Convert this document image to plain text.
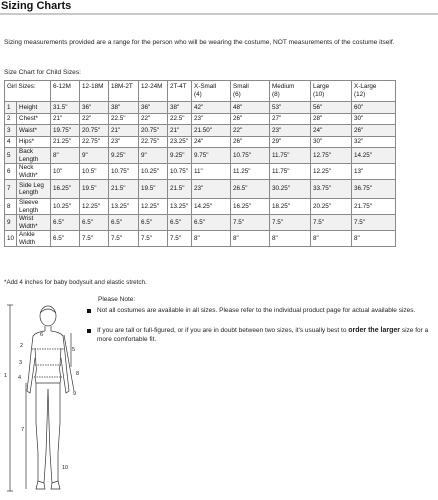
Sizing Charts
Sizing measurements provided are a range for the person who will be wearing the costume, NOT measurements of the costume itself.
Size Chart for Child Sizes:
Girl Sizes:		6-12M	12-18M	18M-2T	12-24M	2T-4T	X-Small
(4)	Small
(6)	Medium
(8)	Large
(10)	X-Large
(12)
1	Height	31.5"	36"	38"	36"	38"	42"	48"	53"	56"	60"
2	Chest*	21"	22"	22.5"	22"	22.5"	23"	26"	27"	28"	30"
3	Waist*	19.75"	20.75"	21"	20.75"	21"	21.50"	22"	23"	24"	26"
4	Hips*	21.25"	22.75"	23"	22.75"	23.25"	24"	26"	29"	30"	32"
5	Back Length	8"	9"	9.25"	9"	9.25"	9.75"	10.75"	11.75"	12.75"	14.25"
6	Neck Width*	10"	10.5"	10.75"	10.25"	10.75"	11"	11.25"	11.75"	12.25"	13"
7	Side Leg
Length	16.25"	19.5"	21.5"	19.5"	21.5"	23"	26.5"	30.25"	33.75"	36.75"
8	Sleeve Length	10.25"	12.25"	13.25"	12.25"	13.25"	14.25"	16.25"	18.25"	20.25"	21.75"
9	Wrist Width*	6.5"	6.5"	6.5"	6.5"	6.5"	6.5"	7.5"	7.5"	7.5"	7.5"
10	Ankle Width	6.5"	7.5"	7.5"	7.5"	7.5"	8"	8"	8"	8"	8"
*Add 4 inches for baby bodysuit and elastic stretch.
1
2
3
4
5
6
7
8
9
10
Please Note:
Not all costumes are available in all sizes. Please refer to the individual product page for actual available sizes.
If you are tall or full-figured, or if you are in doubt between two sizes, it's usually best to order the larger size for a more comfortable fit.
